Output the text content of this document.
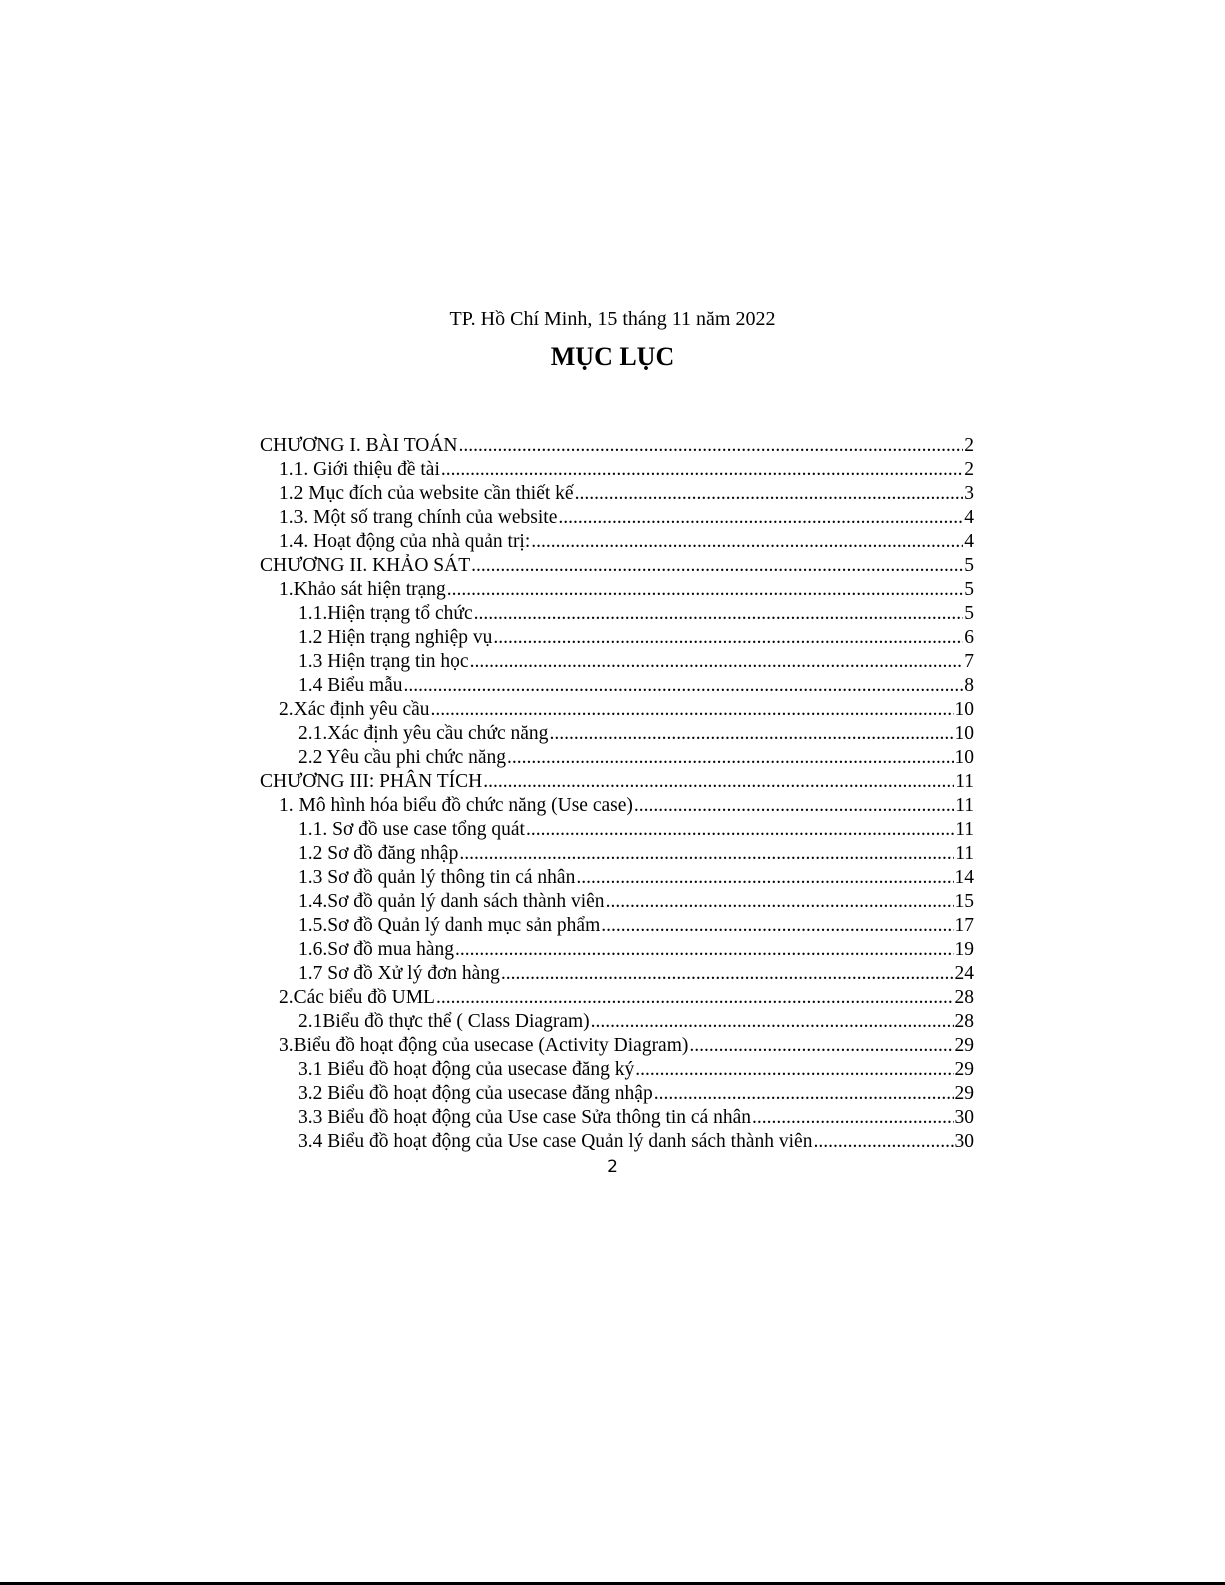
TP. Hồ Chí Minh, 15 tháng 11 năm 2022
MỤC LỤC
CHƯƠNG I. BÀI TOÁN .....	2
1.1. Giới thiệu đề tài .....	2
1.2 Mục đích của website cần thiết kế .....	3
1.3. Một số trang chính của website .....	4
1.4. Hoạt động của nhà quản trị: .....	4
CHƯƠNG II. KHẢO SÁT .....	5
1.Khảo sát hiện trạng .....	5
1.1.Hiện trạng tổ chức .....	5
1.2 Hiện trạng nghiệp vụ .....	6
1.3 Hiện trạng tin học .....	7
1.4 Biểu mẫu .....	8
2.Xác định yêu cầu .....	10
2.1.Xác định yêu cầu chức năng .....	10
2.2 Yêu cầu phi chức năng .....	10
CHƯƠNG III: PHÂN TÍCH .....	11
1. Mô hình hóa biểu đồ chức năng (Use case) .....	11
1.1. Sơ đồ use case tổng quát .....	11
1.2 Sơ đồ đăng nhập .....	11
1.3 Sơ đồ quản lý thông tin cá nhân .....	14
1.4.Sơ đồ quản lý danh sách thành viên .....	15
1.5.Sơ đồ Quản lý danh mục sản phẩm .....	17
1.6.Sơ đồ mua hàng .....	19
1.7 Sơ đồ Xử lý đơn hàng .....	24
2.Các biểu đồ UML .....	28
2.1Biểu đồ thực thể ( Class Diagram) .....	28
3.Biểu đồ hoạt động của usecase (Activity Diagram) .....	29
3.1 Biểu đồ hoạt động của usecase đăng ký .....	29
3.2 Biểu đồ hoạt động của usecase đăng nhập .....	29
3.3 Biểu đồ hoạt động của Use case Sửa thông tin cá nhân .....	30
3.4 Biểu đồ hoạt động của Use case Quản lý danh sách thành viên .....	30
2
